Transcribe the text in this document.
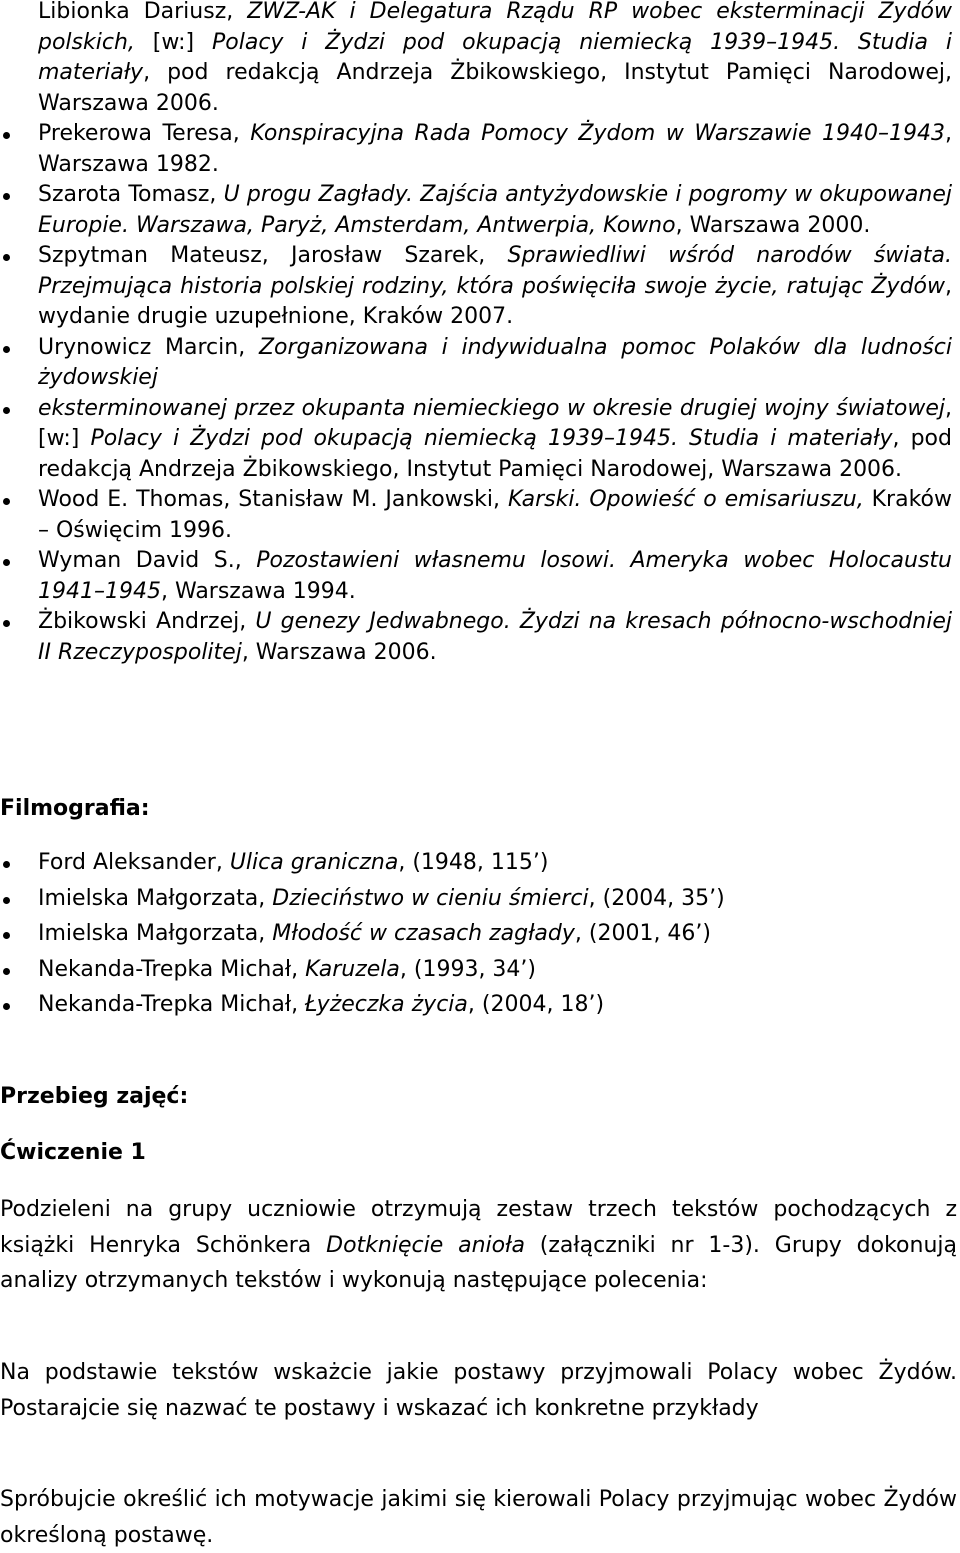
Libionka Dariusz, ŻWZ-AK i Delegatura Rządu RP wobec eksterminacji Żydów polskich, [w:] Polacy i Żydzi pod okupacją niemiecką 1939–1945. Studia i materiały, pod redakcją Andrzeja Żbikowskiego, Instytut Pamięci Narodowej, Warszawa 2006.
Prekerowa Teresa, Konspiracyjna Rada Pomocy Żydom w Warszawie 1940–1943, Warszawa 1982.
Szarota Tomasz, U progu Zagłady. Zajścia antyżydowskie i pogromy w okupowanej Europie. Warszawa, Paryż, Amsterdam, Antwerpia, Kowno, Warszawa 2000.
Szpytman Mateusz, Jarosław Szarek, Sprawiedliwi wśród narodów świata. Przejmująca historia polskiej rodziny, która poświęciła swoje życie, ratując Żydów, wydanie drugie uzupełnione, Kraków 2007.
Urynowicz Marcin, Zorganizowana i indywidualna pomoc Polaków dla ludności żydowskiej
eksterminowanej przez okupanta niemieckiego w okresie drugiej wojny światowej, [w:] Polacy i Żydzi pod okupacją niemiecką 1939–1945. Studia i materiały, pod redakcją Andrzeja Żbikowskiego, Instytut Pamięci Narodowej, Warszawa 2006.
Wood E. Thomas, Stanisław M. Jankowski, Karski. Opowieść o emisariuszu, Kraków – Oświęcim 1996.
Wyman David S., Pozostawieni własnemu losowi. Ameryka wobec Holocaustu 1941–1945, Warszawa 1994.
Żbikowski Andrzej, U genezy Jedwabnego. Żydzi na kresach północno-wschodniej II Rzeczypospolitej, Warszawa 2006.
Filmografia:
Ford Aleksander, Ulica graniczna, (1948, 115’)
Imielska Małgorzata, Dzieciństwo w cieniu śmierci, (2004, 35’)
Imielska Małgorzata, Młodość w czasach zagłady, (2001, 46’)
Nekanda-Trepka Michał, Karuzela, (1993, 34’)
Nekanda-Trepka Michał, Łyżeczka życia, (2004, 18’)
Przebieg zajęć:
Ćwiczenie 1
Podzieleni na grupy uczniowie otrzymują zestaw trzech tekstów pochodzących z książki Henryka Schönkera Dotknięcie anioła (załączniki nr 1-3). Grupy dokonują analizy otrzymanych tekstów i wykonują następujące polecenia:
Na podstawie tekstów wskażcie jakie postawy przyjmowali Polacy wobec Żydów. Postarajcie się nazwać te postawy i wskazać ich konkretne przykłady
Spróbujcie określić ich motywacje jakimi się kierowali Polacy przyjmując wobec Żydów określoną postawę.
